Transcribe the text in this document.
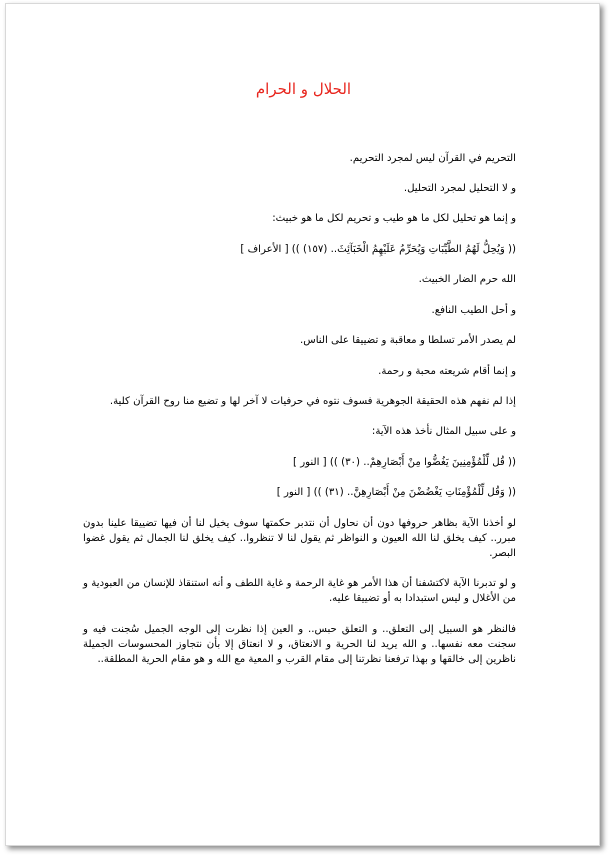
الحلال و الحرام

التحريم في القرآن ليس لمجرد التحريم.

و لا التحليل لمجرد التحليل.

و إنما هو تحليل لكل ما هو طيب و تحريم لكل ما هو خبيث:

(( وَيُحِلُّ لَهُمُ الطَّيِّبَاتِ وَيُحَرِّمُ عَلَيْهِمُ الْخَبَآئِثَ.. (١٥٧) )) [ الأعراف ]

الله حرم الضار الخبيث.

و أحل الطيب النافع.

لم يصدر الأمر تسلطا و معاقبة و تضييقا على الناس.

و إنما أقام شريعته محبة و رحمة.

إذا لم نفهم هذه الحقيقة الجوهرية فسوف نتوه في حرفيات لا آخر لها و تضيع منا روح القرآن كلية.

و على سبيل المثال نأخذ هذه الآية:

(( قُل لِّلْمُؤْمِنِينَ يَغُضُّوا مِنْ أَبْصَارِهِمْ.. (٣٠) )) [ النور ]

(( وَقُل لِّلْمُؤْمِنَاتِ يَغْضُضْنَ مِنْ أَبْصَارِهِنَّ.. (٣١) )) [ النور ]

لو أخذنا الآية بظاهر حروفها دون أن نحاول أن نتدبر حكمتها سوف يخيل لنا أن فيها تضييقا علينا بدون مبرر.. كيف يخلق لنا الله العيون و النواظر ثم يقول لنا لا تنظروا.. كيف يخلق لنا الجمال ثم يقول غضوا البصر.

و لو تدبرنا الآية لاكتشفنا أن هذا الأمر هو غاية الرحمة و غاية اللطف و أنه استنقاذ للإنسان من العبودية و من الأغلال و ليس استبدادا به أو تضييقا عليه.

فالنظر هو السبيل إلى التعلق.. و التعلق حبس.. و العين إذا نظرت إلى الوجه الجميل سُجنت فيه و سجنت معه نفسها.. و الله يريد لنا الحرية و الانعتاق، و لا انعتاق إلا بأن نتجاوز المحسوسات الجميلة ناظرين إلى خالقها و بهذا ترفعنا نظرتنا إلى مقام القرب و المعية مع الله و هو مقام الحرية المطلقة..
